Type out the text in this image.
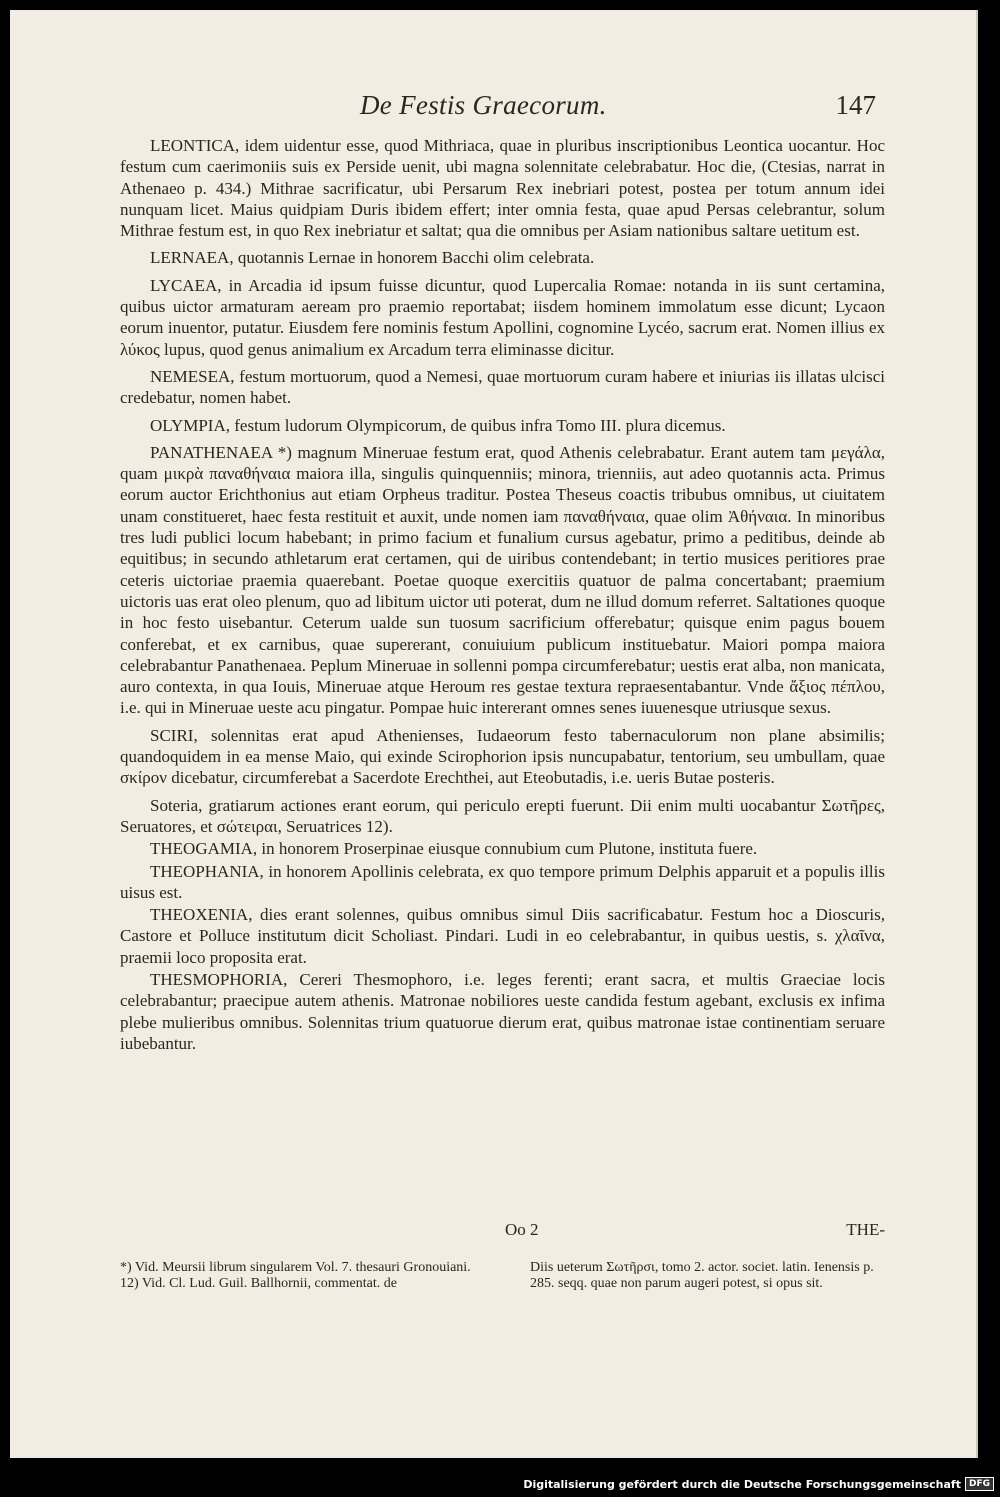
De Festis Graecorum.	147

LEONTICA, idem uidentur esse, quod Mithriaca, quae in pluribus inscriptionibus Leontica uocantur. Hoc festum cum caerimoniis suis ex Perside uenit, ubi magna solennitate celebrabatur. Hoc die, (Ctesias, narrat in Athenaeo p. 434.) Mithrae sacrificatur, ubi Persarum Rex inebriari potest, postea per totum annum idei nunquam licet. Maius quidpiam Duris ibidem effert; inter omnia festa, quae apud Persas celebrantur, solum Mithrae festum est, in quo Rex inebriatur et saltat; qua die omnibus per Asiam nationibus saltare uetitum est.

LERNAEA, quotannis Lernae in honorem Bacchi olim celebrata.

LYCAEA, in Arcadia id ipsum fuisse dicuntur, quod Lupercalia Romae: notanda in iis sunt certamina, quibus uictor armaturam aeream pro praemio reportabat; iisdem hominem immolatum esse dicunt; Lycaon eorum inuentor, putatur. Eiusdem fere nominis festum Apollini, cognomine Lycéo, sacrum erat. Nomen illius ex λύκος lupus, quod genus animalium ex Arcadum terra eliminasse dicitur.

NEMESEA, festum mortuorum, quod a Nemesi, quae mortuorum curam habere et iniurias iis illatas ulcisci credebatur, nomen habet.

OLYMPIA, festum ludorum Olympicorum, de quibus infra Tomo III. plura dicemus.

PANATHENAEA *) magnum Mineruae festum erat, quod Athenis celebrabatur. Erant autem tam μεγάλα, quam μικρὰ παναθήναια maiora illa, singulis quinquenniis; minora, trienniis, aut adeo quotannis acta. Primus eorum auctor Erichthonius aut etiam Orpheus traditur. Postea Theseus coactis tribubus omnibus, ut ciuitatem unam constitueret, haec festa restituit et auxit, unde nomen iam παναθήναια, quae olim Ἀθήναια. In minoribus tres ludi publici locum habebant; in primo facium et funalium cursus agebatur, primo a peditibus, deinde ab equitibus; in secundo athletarum erat certamen, qui de uiribus contendebant; in tertio musices peritiores prae ceteris uictoriae praemia quaerebant. Poetae quoque exercitiis quatuor de palma concertabant; praemium uictoris uas erat oleo plenum, quo ad libitum uictor uti poterat, dum ne illud domum referret. Saltationes quoque in hoc festo uisebantur. Ceterum ualde sun tuosum sacrificium offerebatur; quisque enim pagus bouem conferebat, et ex carnibus, quae supererant, conuiuium publicum instituebatur. Maiori pompa maiora celebrabantur Panathenaea. Peplum Mineruae in sollenni pompa circumferebatur; uestis erat alba, non manicata, auro contexta, in qua Iouis, Mineruae atque Heroum res gestae textura repraesentabantur. Vnde ἄξιος πέπλου, i.e. qui in Mineruae ueste acu pingatur. Pompae huic intererant omnes senes iuuenesque utriusque sexus.

SCIRI, solennitas erat apud Athenienses, Iudaeorum festo tabernaculorum non plane absimilis; quandoquidem in ea mense Maio, qui exinde Scirophorion ipsis nuncupabatur, tentorium, seu umbullam, quae σκίρον dicebatur, circumferebat a Sacerdote Erechthei, aut Eteobutadis, i.e. ueris Butae posteris.

Soteria, gratiarum actiones erant eorum, qui periculo erepti fuerunt. Dii enim multi uocabantur Σωτῆρες, Seruatores, et σώτειραι, Seruatrices 12).

THEOGAMIA, in honorem Proserpinae eiusque connubium cum Plutone, instituta fuere.

THEOPHANIA, in honorem Apollinis celebrata, ex quo tempore primum Delphis apparuit et a populis illis uisus est.

THEOXENIA, dies erant solennes, quibus omnibus simul Diis sacrificabatur. Festum hoc a Dioscuris, Castore et Polluce institutum dicit Scholiast. Pindari. Ludi in eo celebrabantur, in quibus uestis, s. χλαῖνα, praemii loco proposita erat.

THESMOPHORIA, Cereri Thesmophoro, i.e. leges ferenti; erant sacra, et multis Graeciae locis celebrabantur; praecipue autem athenis. Matronae nobiliores ueste candida festum agebant, exclusis ex infima plebe mulieribus omnibus. Solennitas trium quatuorue dierum erat, quibus matronae istae continentiam seruare iubebantur.

Oo 2	THE-

*) Vid. Meursii librum singularem Vol. 7. thesauri Gronouiani.

12) Vid. Cl. Lud. Guil. Ballhornii, commentat. de

Diis ueterum Σωτῆρσι, tomo 2. actor. societ. latin. Ienensis p. 285. seqq. quae non parum augeri potest, si opus sit.

Digitalisierung gefördert durch die Deutsche Forschungsgemeinschaft DFG
